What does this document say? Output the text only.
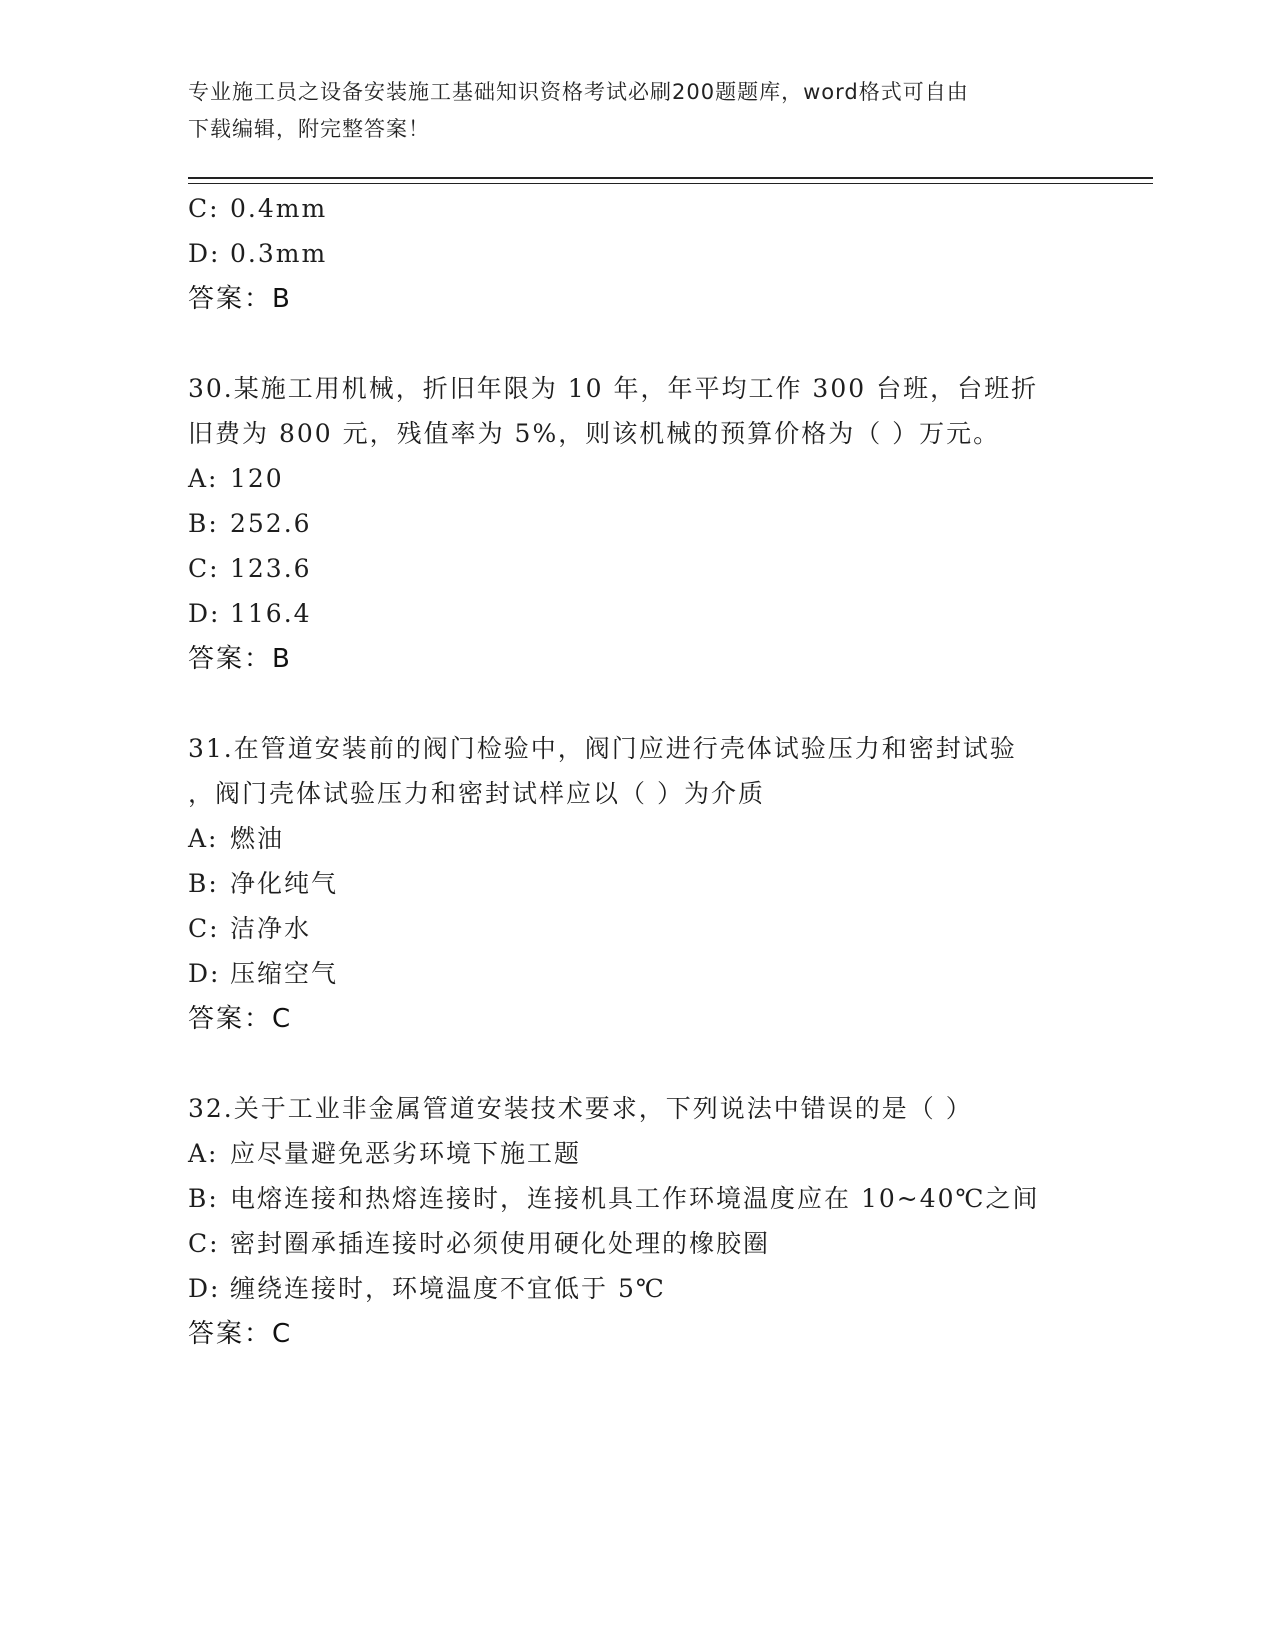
专业施工员之设备安装施工基础知识资格考试必刷200题题库，word格式可自由
下载编辑，附完整答案！
C: 0.4mm
D: 0.3mm
答案：B
30.某施工用机械，折旧年限为 10 年，年平均工作 300 台班，台班折
旧费为 800 元，残值率为 5%，则该机械的预算价格为（ ）万元。
A: 120
B: 252.6
C: 123.6
D: 116.4
答案：B
31.在管道安装前的阀门检验中，阀门应进行壳体试验压力和密封试验
，阀门壳体试验压力和密封试样应以（ ）为介质
A: 燃油
B: 净化纯气
C: 洁净水
D: 压缩空气
答案：C
32.关于工业非金属管道安装技术要求，下列说法中错误的是（ ）
A: 应尽量避免恶劣环境下施工题
B: 电熔连接和热熔连接时，连接机具工作环境温度应在 10~40℃之间
C: 密封圈承插连接时必须使用硬化处理的橡胶圈
D: 缠绕连接时，环境温度不宜低于 5℃
答案：C
